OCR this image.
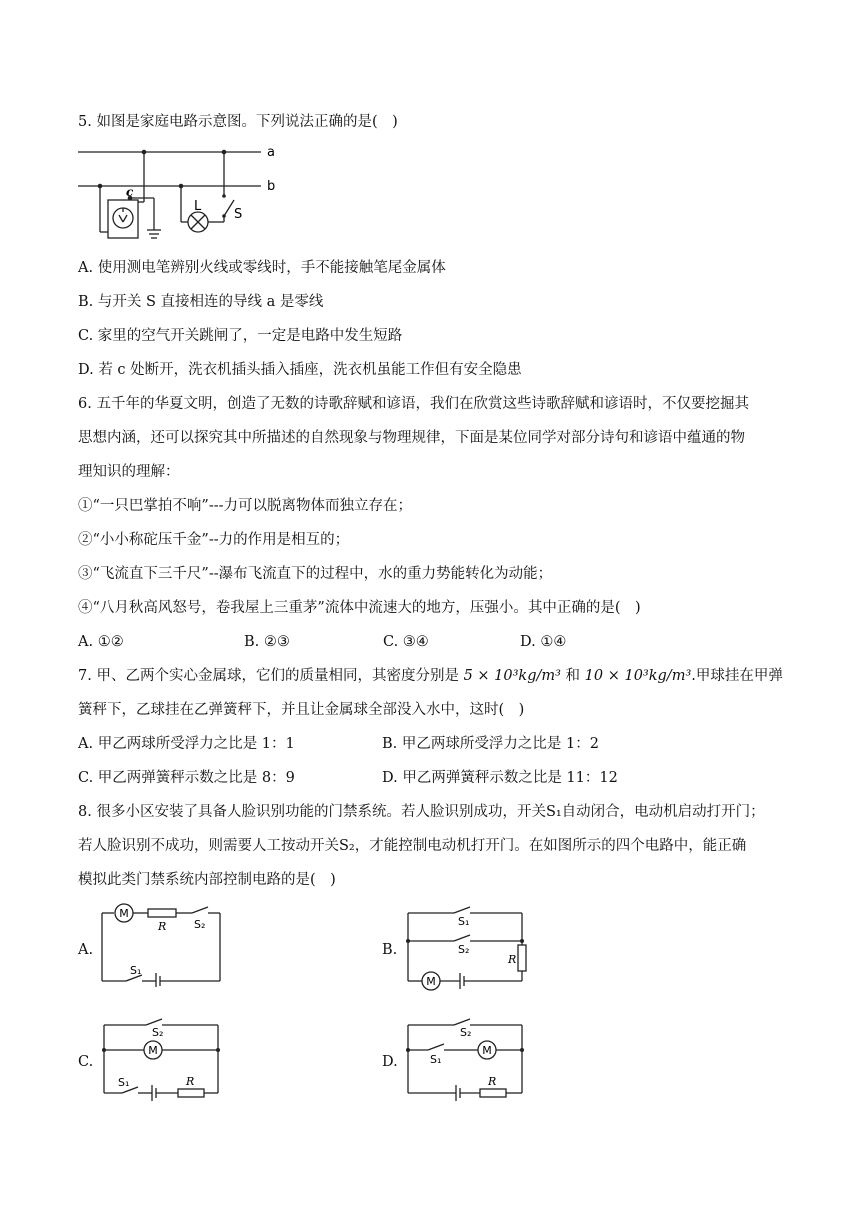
5. 如图是家庭电路示意图。下列说法正确的是(　)
a
b
c
L
S
A. 使用测电笔辨别火线或零线时，手不能接触笔尾金属体
B. 与开关 S 直接相连的导线 a 是零线
C. 家里的空气开关跳闸了，一定是电路中发生短路
D. 若 c 处断开，洗衣机插头插入插座，洗衣机虽能工作但有安全隐患
6. 五千年的华夏文明，创造了无数的诗歌辞赋和谚语，我们在欣赏这些诗歌辞赋和谚语时，不仅要挖掘其
思想内涵，还可以探究其中所描述的自然现象与物理规律，下面是某位同学对部分诗句和谚语中蕴通的物
理知识的理解：
①“一只巴掌拍不响”---力可以脱离物体而独立存在；
②“小小称砣压千金”--力的作用是相互的；
③“飞流直下三千尺”--瀑布飞流直下的过程中，水的重力势能转化为动能；
④“八月秋高风怒号，卷我屋上三重茅”流体中流速大的地方，压强小。其中正确的是(　)
A. ①②	B. ②③	C. ③④	D. ①④
7. 甲、乙两个实心金属球，它们的质量相同，其密度分别是 5 × 10³kg/m³ 和 10 × 10³kg/m³.甲球挂在甲弹
簧秤下，乙球挂在乙弹簧秤下，并且让金属球全部没入水中，这时(　)
A. 甲乙两球所受浮力之比是 1：1	B. 甲乙两球所受浮力之比是 1：2
C. 甲乙两弹簧秤示数之比是 8：9	D. 甲乙两弹簧秤示数之比是 11：12
8. 很多小区安装了具备人脸识别功能的门禁系统。若人脸识别成功，开关S₁自动闭合，电动机启动打开门；
若人脸识别不成功，则需要人工按动开关S₂，才能控制电动机打开门。在如图所示的四个电路中，能正确
模拟此类门禁系统内部控制电路的是(　)
A.
M
R	S₂
S₁
B.
M
R
S₁
S₂
C.
M
S₂
S₁	R
D.
M
S₂
S₁
R
